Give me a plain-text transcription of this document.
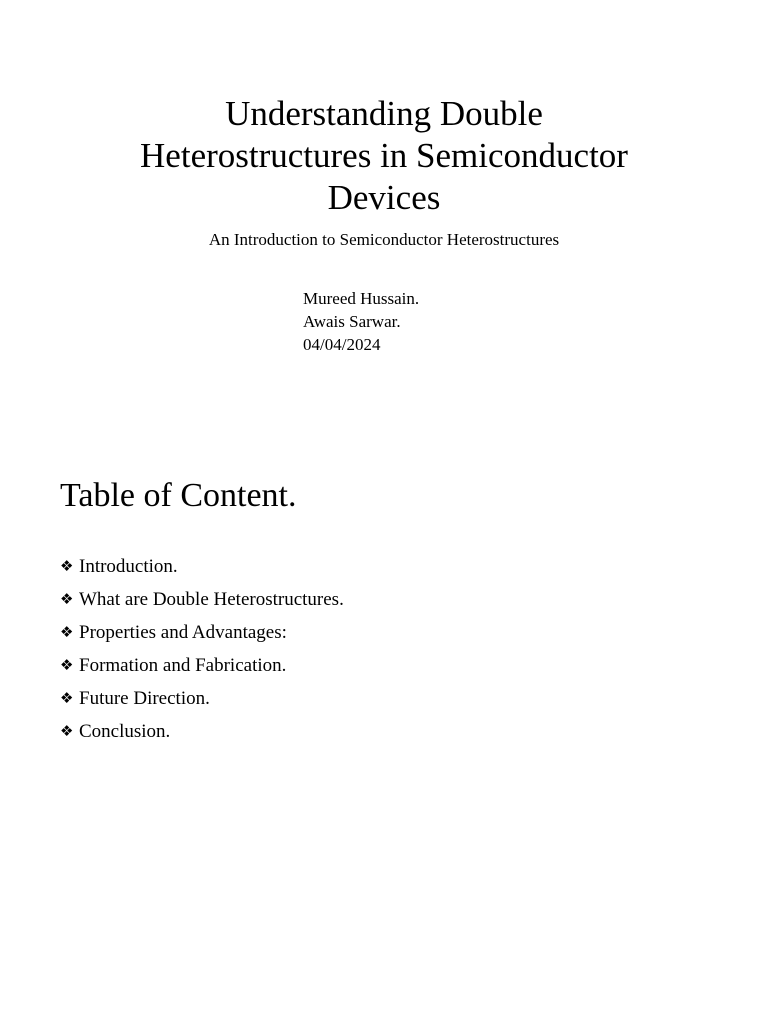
Understanding Double
Heterostructures in Semiconductor
Devices
An Introduction to Semiconductor Heterostructures
Mureed Hussain.
Awais Sarwar.
04/04/2024
Table of Content.
❖ Introduction.
❖ What are Double Heterostructures.
❖ Properties and Advantages:
❖ Formation and Fabrication.
❖ Future Direction.
❖ Conclusion.
